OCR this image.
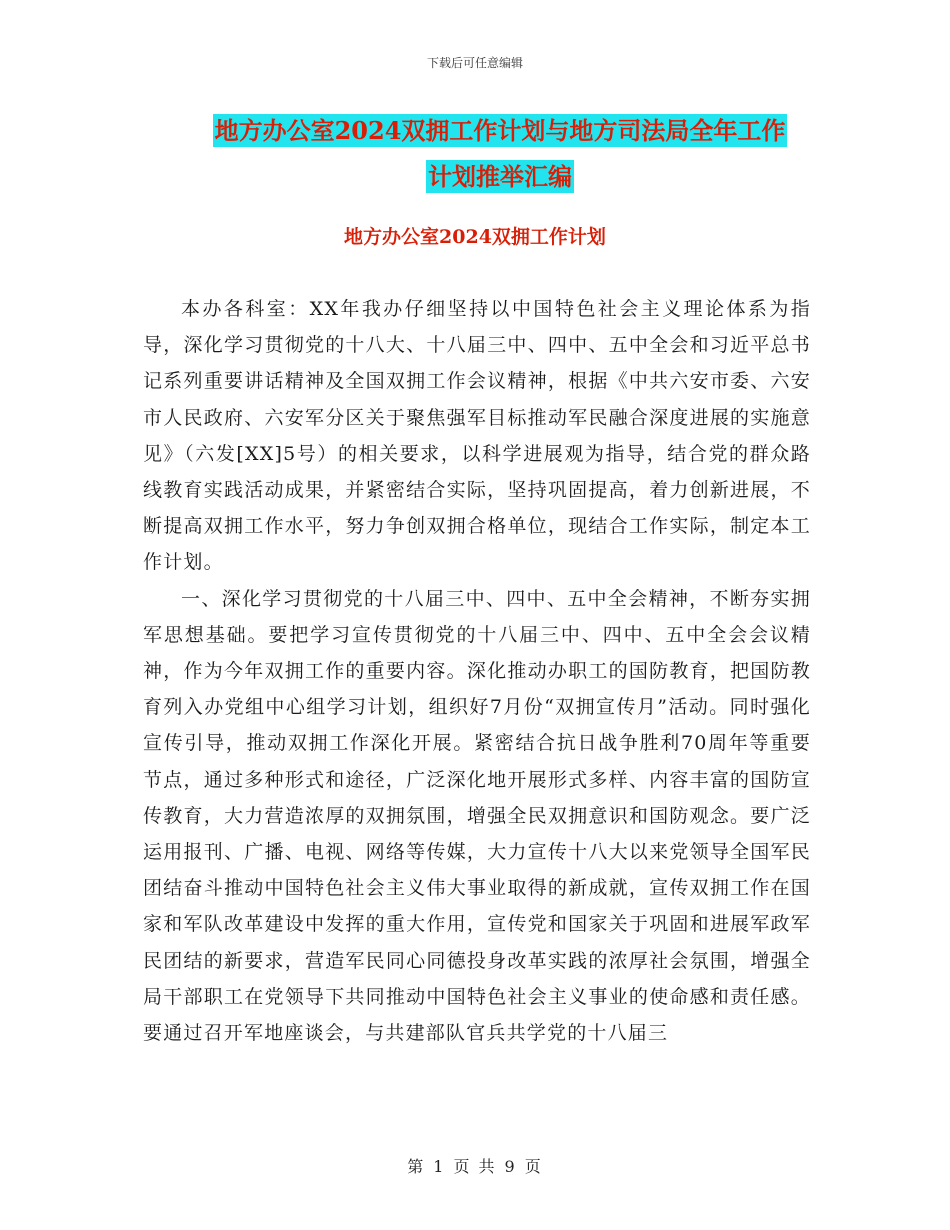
下载后可任意编辑
地方办公室2024双拥工作计划与地方司法局全年工作
计划推举汇编
地方办公室2024双拥工作计划

本办各科室：XX年我办仔细坚持以中国特色社会主义理论体系为指导，深化学习贯彻党的十八大、十八届三中、四中、五中全会和习近平总书记系列重要讲话精神及全国双拥工作会议精神，根据《中共六安市委、六安市人民政府、六安军分区关于聚焦强军目标推动军民融合深度进展的实施意见》（六发[XX]5号）的相关要求，以科学进展观为指导，结合党的群众路线教育实践活动成果，并紧密结合实际，坚持巩固提高，着力创新进展，不断提高双拥工作水平，努力争创双拥合格单位，现结合工作实际，制定本工作计划。

一、深化学习贯彻党的十八届三中、四中、五中全会精神，不断夯实拥军思想基础。要把学习宣传贯彻党的十八届三中、四中、五中全会会议精神，作为今年双拥工作的重要内容。深化推动办职工的国防教育，把国防教育列入办党组中心组学习计划，组织好7月份“双拥宣传月”活动。同时强化宣传引导，推动双拥工作深化开展。紧密结合抗日战争胜利70周年等重要节点，通过多种形式和途径，广泛深化地开展形式多样、内容丰富的国防宣传教育，大力营造浓厚的双拥氛围，增强全民双拥意识和国防观念。要广泛运用报刊、广播、电视、网络等传媒，大力宣传十八大以来党领导全国军民团结奋斗推动中国特色社会主义伟大事业取得的新成就，宣传双拥工作在国家和军队改革建设中发挥的重大作用，宣传党和国家关于巩固和进展军政军民团结的新要求，营造军民同心同德投身改革实践的浓厚社会氛围，增强全局干部职工在党领导下共同推动中国特色社会主义事业的使命感和责任感。要通过召开军地座谈会，与共建部队官兵共学党的十八届三

第 1 页 共 9 页
